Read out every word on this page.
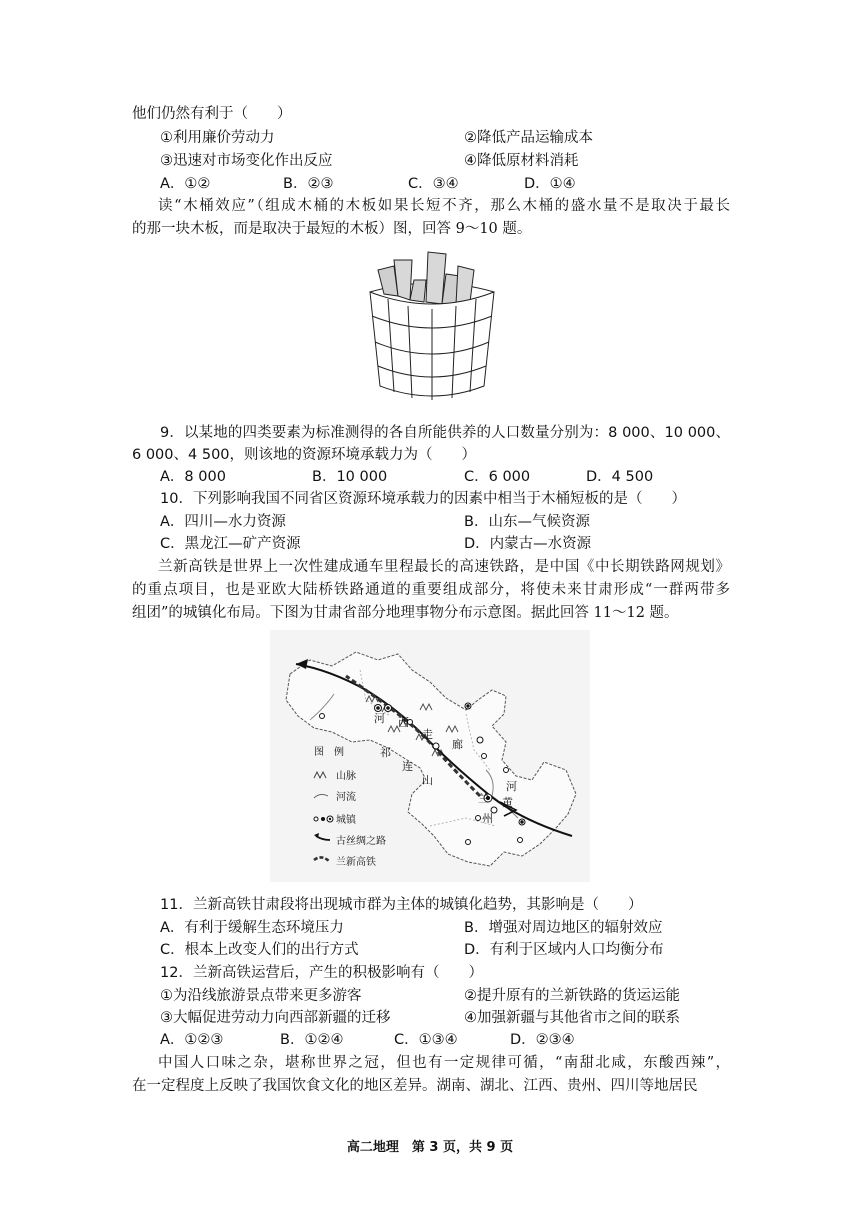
他们仍然有利于（　　）
①利用廉价劳动力	②降低产品运输成本
③迅速对市场变化作出反应	④降低原材料消耗
A．①②	B．②③	C．③④	D．①④
读“木桶效应”（组成木桶的木板如果长短不齐，那么木桶的盛水量不是取决于最长
的那一块木板，而是取决于最短的木板）图，回答 9～10 题。
9．以某地的四类要素为标准测得的各自所能供养的人口数量分别为：8 000、10 000、
6 000、4 500，则该地的资源环境承载力为（　　）
A．8 000	B．10 000	C．6 000	D．4 500
10．下列影响我国不同省区资源环境承载力的因素中相当于木桶短板的是（　　）
A．四川—水力资源	B．山东—气候资源
C．黑龙江—矿产资源	D．内蒙古—水资源
兰新高铁是世界上一次性建成通车里程最长的高速铁路，是中国《中长期铁路网规划》
的重点项目，也是亚欧大陆桥铁路通道的重要组成部分，将使未来甘肃形成“一群两带多
组团”的城镇化布局。下图为甘肃省部分地理事物分布示意图。据此回答 11～12 题。
河 西
走
廊
祁
连
山	河
黄
兰
州
图　例
山脉
河流
城镇
古丝绸之路
兰新高铁
11．兰新高铁甘肃段将出现城市群为主体的城镇化趋势，其影响是（　　）
A．有利于缓解生态环境压力	B．增强对周边地区的辐射效应
C．根本上改变人们的出行方式	D．有利于区域内人口均衡分布
12．兰新高铁运营后，产生的积极影响有（　　）
①为沿线旅游景点带来更多游客	②提升原有的兰新铁路的货运运能
③大幅促进劳动力向西部新疆的迁移	④加强新疆与其他省市之间的联系
A．①②③	B．①②④	C．①③④	D．②③④
中国人口味之杂，堪称世界之冠，但也有一定规律可循，“南甜北咸，东酸西辣”，
在一定程度上反映了我国饮食文化的地区差异。湖南、湖北、江西、贵州、四川等地居民
高二地理　第 3 页，共 9 页
